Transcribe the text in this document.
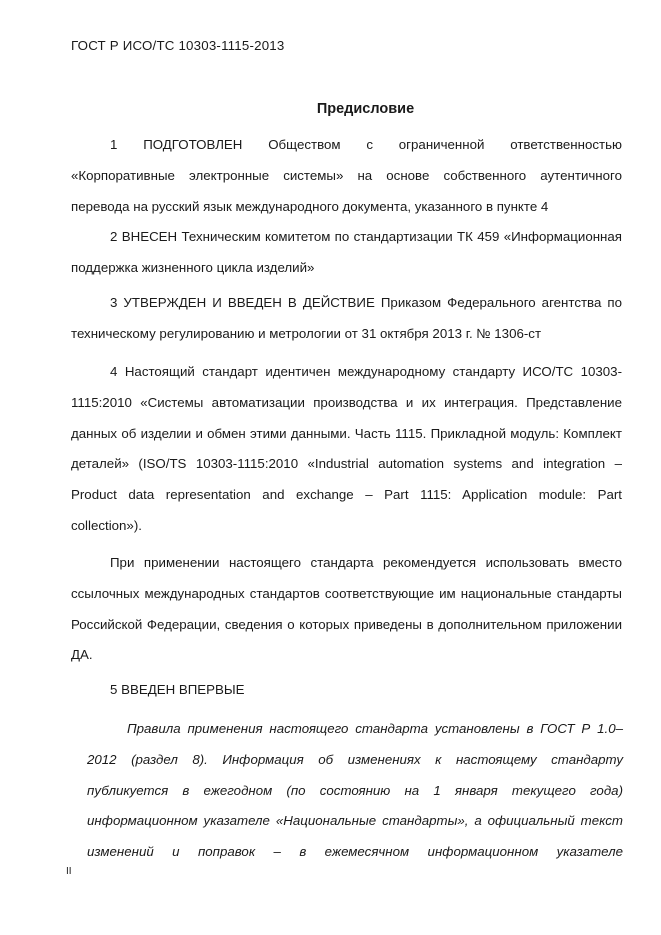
ГОСТ Р ИСО/ТС 10303-1115-2013
Предисловие
1 ПОДГОТОВЛЕН Обществом с ограниченной ответственностью
«Корпоративные электронные системы» на основе собственного аутентичного
перевода на русский язык международного документа, указанного в пункте 4
2 ВНЕСЕН Техническим комитетом по стандартизации ТК 459 «Информационная
поддержка жизненного цикла изделий»
3 УТВЕРЖДЕН И ВВЕДЕН В ДЕЙСТВИЕ Приказом Федерального агентства по
техническому регулированию и метрологии от 31 октября 2013 г. № 1306-ст
4 Настоящий стандарт идентичен международному стандарту ИСО/ТС 10303-
1115:2010 «Системы автоматизации производства и их интеграция. Представление
данных об изделии и обмен этими данными. Часть 1115. Прикладной модуль: Комплект
деталей» (ISO/TS 10303-1115:2010 «Industrial automation systems and integration –
Product data representation and exchange – Part 1115: Application module: Part
collection»).
При применении настоящего стандарта рекомендуется использовать вместо
ссылочных международных стандартов соответствующие им национальные стандарты
Российской Федерации, сведения о которых приведены в дополнительном приложении
ДА.
5 ВВЕДЕН ВПЕРВЫЕ
Правила применения настоящего стандарта установлены в ГОСТ Р 1.0–
2012 (раздел 8). Информация об изменениях к настоящему стандарту
публикуется в ежегодном (по состоянию на 1 января текущего года)
информационном указателе «Национальные стандарты», а официальный текст
изменений и поправок – в ежемесячном информационном указателе
II
